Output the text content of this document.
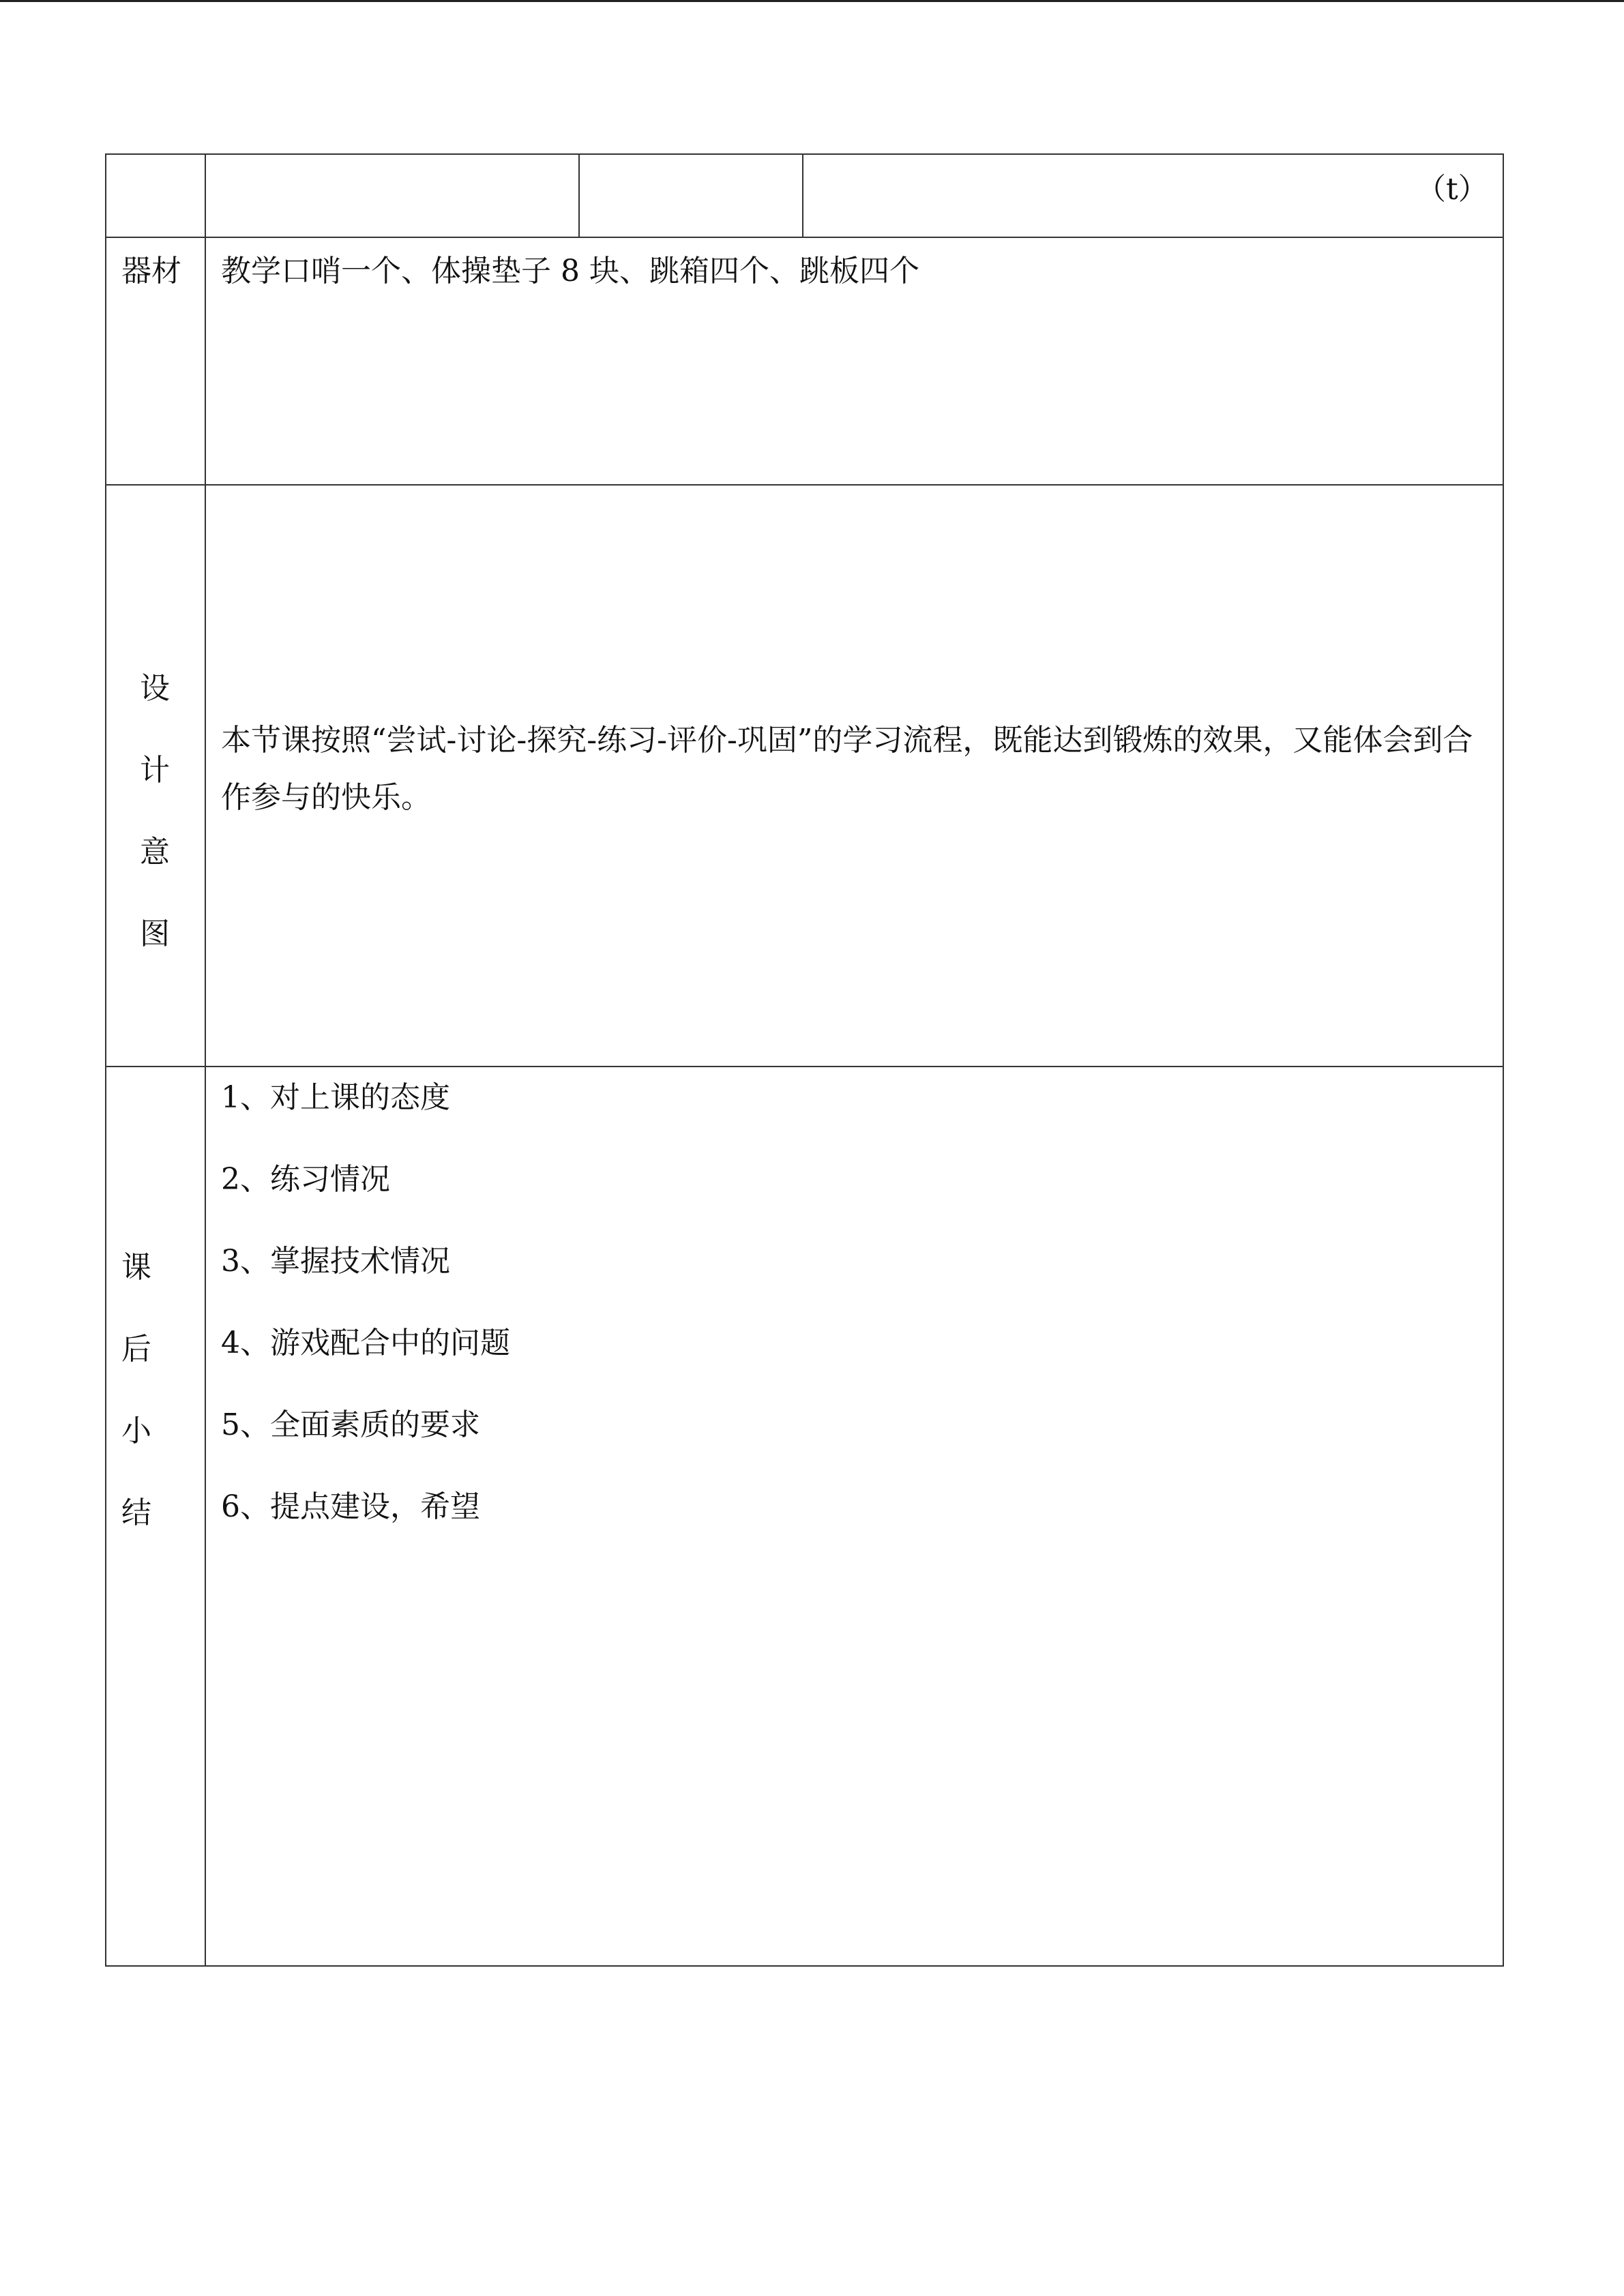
（t）
器材 教学口哨一个、体操垫子 8 块、跳箱四个、跳板四个
设
计
意
图
本节课按照“尝试-讨论-探究-练习-评价-巩固”的学习流程，既能达到锻炼的效果，又能体会到合作参与的快乐。
课
后
小
结
1、对上课的态度
2、练习情况
3、掌握技术情况
4、游戏配合中的问题
5、全面素质的要求
6、提点建设，希望
